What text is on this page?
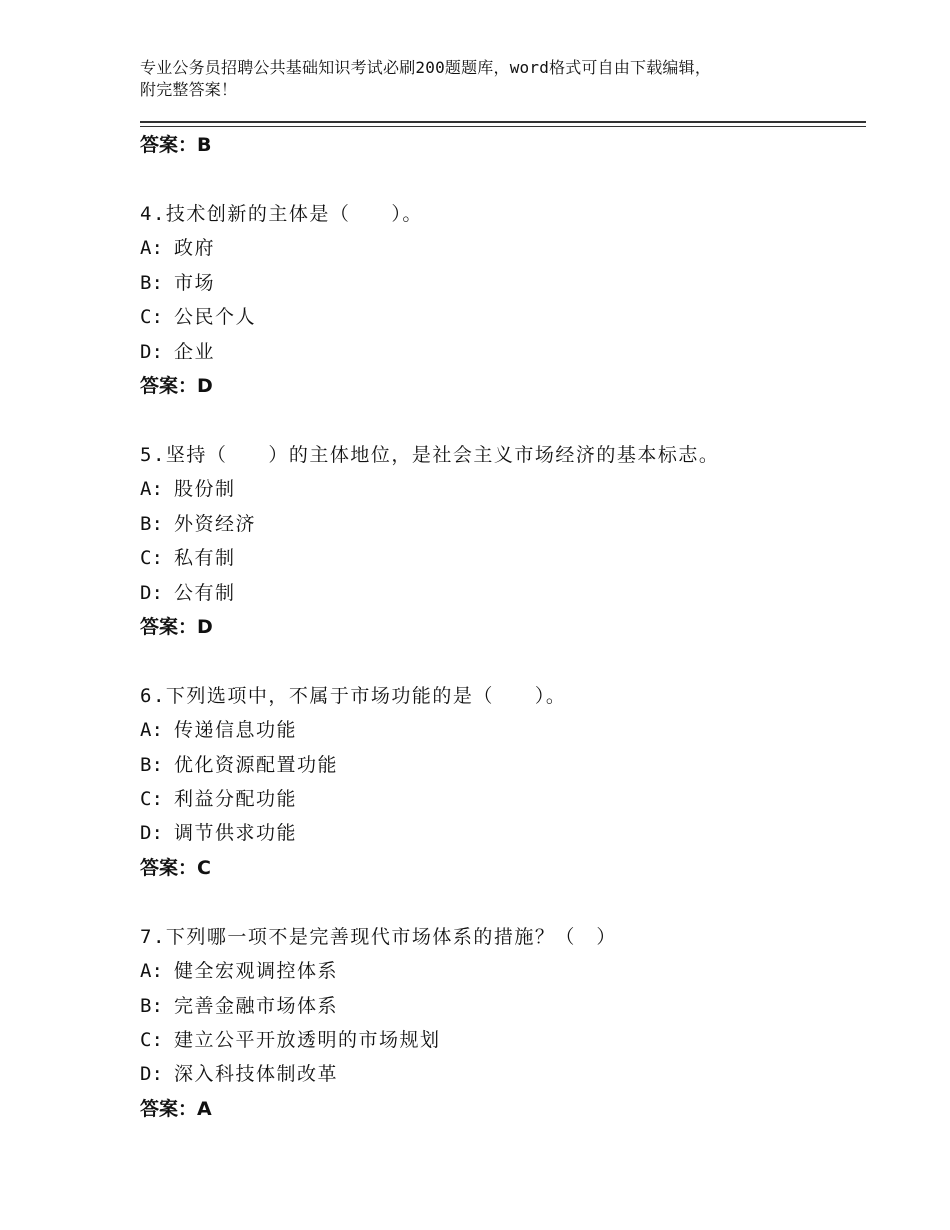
专业公务员招聘公共基础知识考试必刷200题题库，word格式可自由下载编辑，
附完整答案！
答案：B
4.技术创新的主体是（　　）。
A: 政府
B: 市场
C: 公民个人
D: 企业
答案：D
5.坚持（　　）的主体地位，是社会主义市场经济的基本标志。
A: 股份制
B: 外资经济
C: 私有制
D: 公有制
答案：D
6.下列选项中，不属于市场功能的是（　　）。
A: 传递信息功能
B: 优化资源配置功能
C: 利益分配功能
D: 调节供求功能
答案：C
7.下列哪一项不是完善现代市场体系的措施？（　）
A: 健全宏观调控体系
B: 完善金融市场体系
C: 建立公平开放透明的市场规划
D: 深入科技体制改革
答案：A
